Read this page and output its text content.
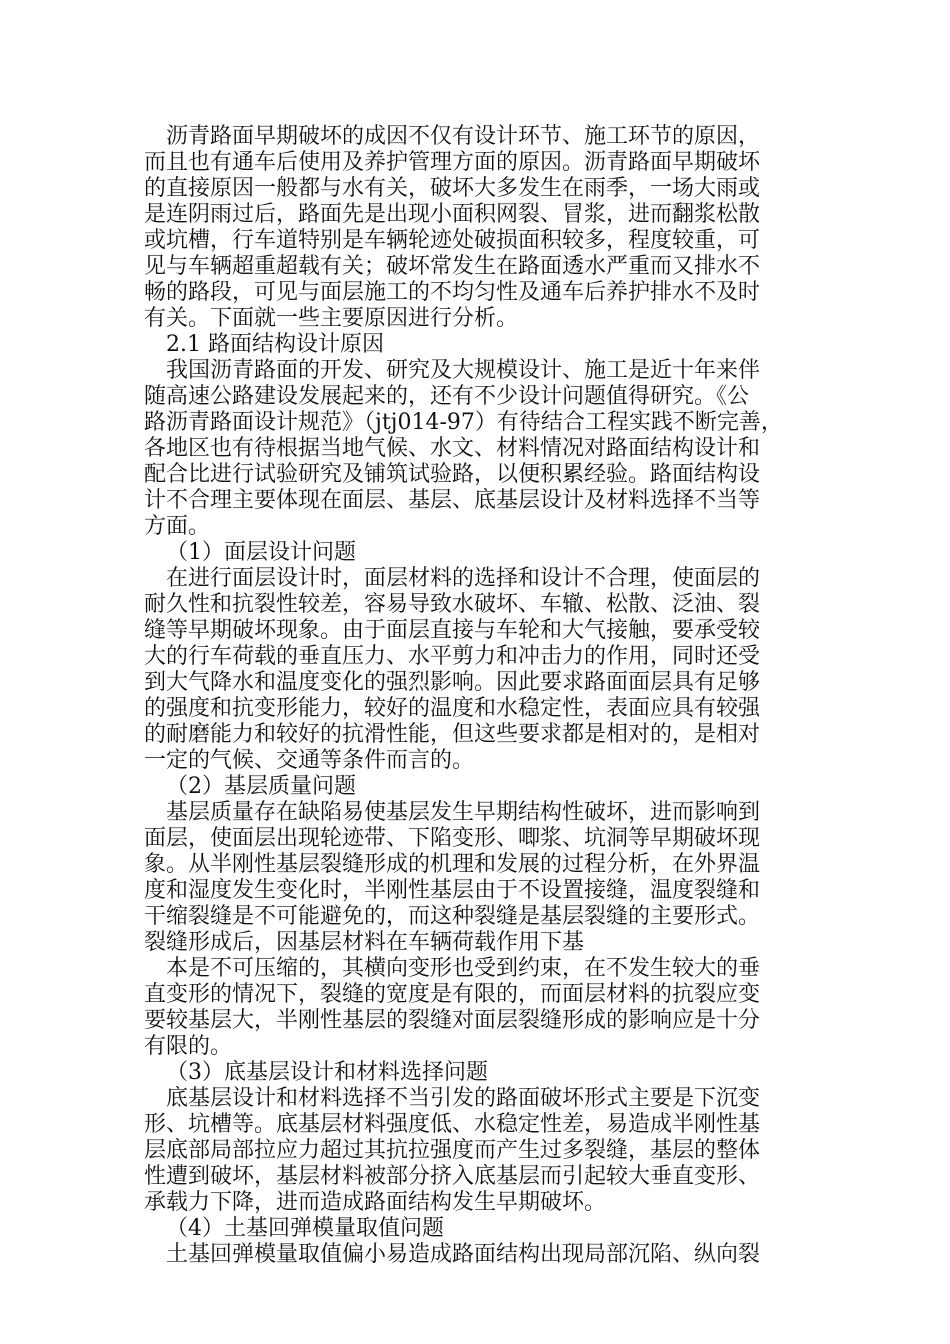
沥青路面早期破坏的成因不仅有设计环节、施工环节的原因，
而且也有通车后使用及养护管理方面的原因。沥青路面早期破坏
的直接原因一般都与水有关，破坏大多发生在雨季，一场大雨或
是连阴雨过后，路面先是出现小面积网裂、冒浆，进而翻浆松散
或坑槽，行车道特别是车辆轮迹处破损面积较多，程度较重，可
见与车辆超重超载有关；破坏常发生在路面透水严重而又排水不
畅的路段，可见与面层施工的不均匀性及通车后养护排水不及时
有关。下面就一些主要原因进行分析。
2.1 路面结构设计原因
我国沥青路面的开发、研究及大规模设计、施工是近十年来伴
随高速公路建设发展起来的，还有不少设计问题值得研究。《公
路沥青路面设计规范》（jtj014-97）有待结合工程实践不断完善，
各地区也有待根据当地气候、水文、材料情况对路面结构设计和
配合比进行试验研究及铺筑试验路，以便积累经验。路面结构设
计不合理主要体现在面层、基层、底基层设计及材料选择不当等
方面。
（1）面层设计问题
在进行面层设计时，面层材料的选择和设计不合理，使面层的
耐久性和抗裂性较差，容易导致水破坏、车辙、松散、泛油、裂
缝等早期破坏现象。由于面层直接与车轮和大气接触，要承受较
大的行车荷载的垂直压力、水平剪力和冲击力的作用，同时还受
到大气降水和温度变化的强烈影响。因此要求路面面层具有足够
的强度和抗变形能力，较好的温度和水稳定性，表面应具有较强
的耐磨能力和较好的抗滑性能，但这些要求都是相对的，是相对
一定的气候、交通等条件而言的。
（2）基层质量问题
基层质量存在缺陷易使基层发生早期结构性破坏，进而影响到
面层，使面层出现轮迹带、下陷变形、唧浆、坑洞等早期破坏现
象。从半刚性基层裂缝形成的机理和发展的过程分析，在外界温
度和湿度发生变化时，半刚性基层由于不设置接缝，温度裂缝和
干缩裂缝是不可能避免的，而这种裂缝是基层裂缝的主要形式。
裂缝形成后，因基层材料在车辆荷载作用下基
本是不可压缩的，其横向变形也受到约束，在不发生较大的垂
直变形的情况下，裂缝的宽度是有限的，而面层材料的抗裂应变
要较基层大，半刚性基层的裂缝对面层裂缝形成的影响应是十分
有限的。
（3）底基层设计和材料选择问题
底基层设计和材料选择不当引发的路面破坏形式主要是下沉变
形、坑槽等。底基层材料强度低、水稳定性差，易造成半刚性基
层底部局部拉应力超过其抗拉强度而产生过多裂缝，基层的整体
性遭到破坏，基层材料被部分挤入底基层而引起较大垂直变形、
承载力下降，进而造成路面结构发生早期破坏。
（4）土基回弹模量取值问题
土基回弹模量取值偏小易造成路面结构出现局部沉陷、纵向裂
